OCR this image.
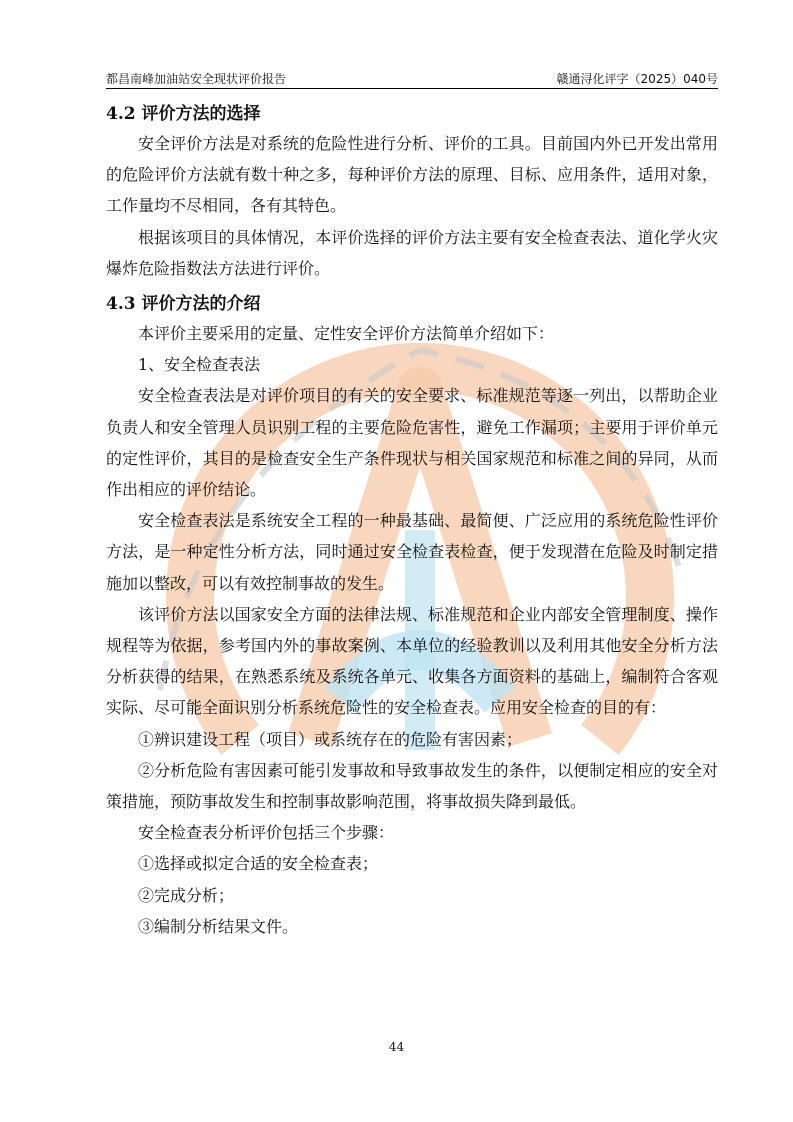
都昌南峰加油站安全现状评价报告	赣通浔化评字（2025）040号
4.2 评价方法的选择

安全评价方法是对系统的危险性进行分析、评价的工具。目前国内外已开发出常用的危险评价方法就有数十种之多，每种评价方法的原理、目标、应用条件，适用对象，工作量均不尽相同，各有其特色。

根据该项目的具体情况，本评价选择的评价方法主要有安全检查表法、道化学火灾爆炸危险指数法方法进行评价。

4.3 评价方法的介绍

本评价主要采用的定量、定性安全评价方法简单介绍如下：

1、安全检查表法

安全检查表法是对评价项目的有关的安全要求、标准规范等逐一列出，以帮助企业负责人和安全管理人员识别工程的主要危险危害性，避免工作漏项；主要用于评价单元的定性评价，其目的是检查安全生产条件现状与相关国家规范和标准之间的异同，从而作出相应的评价结论。

安全检查表法是系统安全工程的一种最基础、最简便、广泛应用的系统危险性评价方法，是一种定性分析方法，同时通过安全检查表检查，便于发现潜在危险及时制定措施加以整改，可以有效控制事故的发生。

该评价方法以国家安全方面的法律法规、标准规范和企业内部安全管理制度、操作规程等为依据，参考国内外的事故案例、本单位的经验教训以及利用其他安全分析方法分析获得的结果，在熟悉系统及系统各单元、收集各方面资料的基础上，编制符合客观实际、尽可能全面识别分析系统危险性的安全检查表。应用安全检查的目的有：

①辨识建设工程（项目）或系统存在的危险有害因素；

②分析危险有害因素可能引发事故和导致事故发生的条件，以便制定相应的安全对策措施，预防事故发生和控制事故影响范围，将事故损失降到最低。

安全检查表分析评价包括三个步骤：

①选择或拟定合适的安全检查表；

②完成分析；

③编制分析结果文件。

44
